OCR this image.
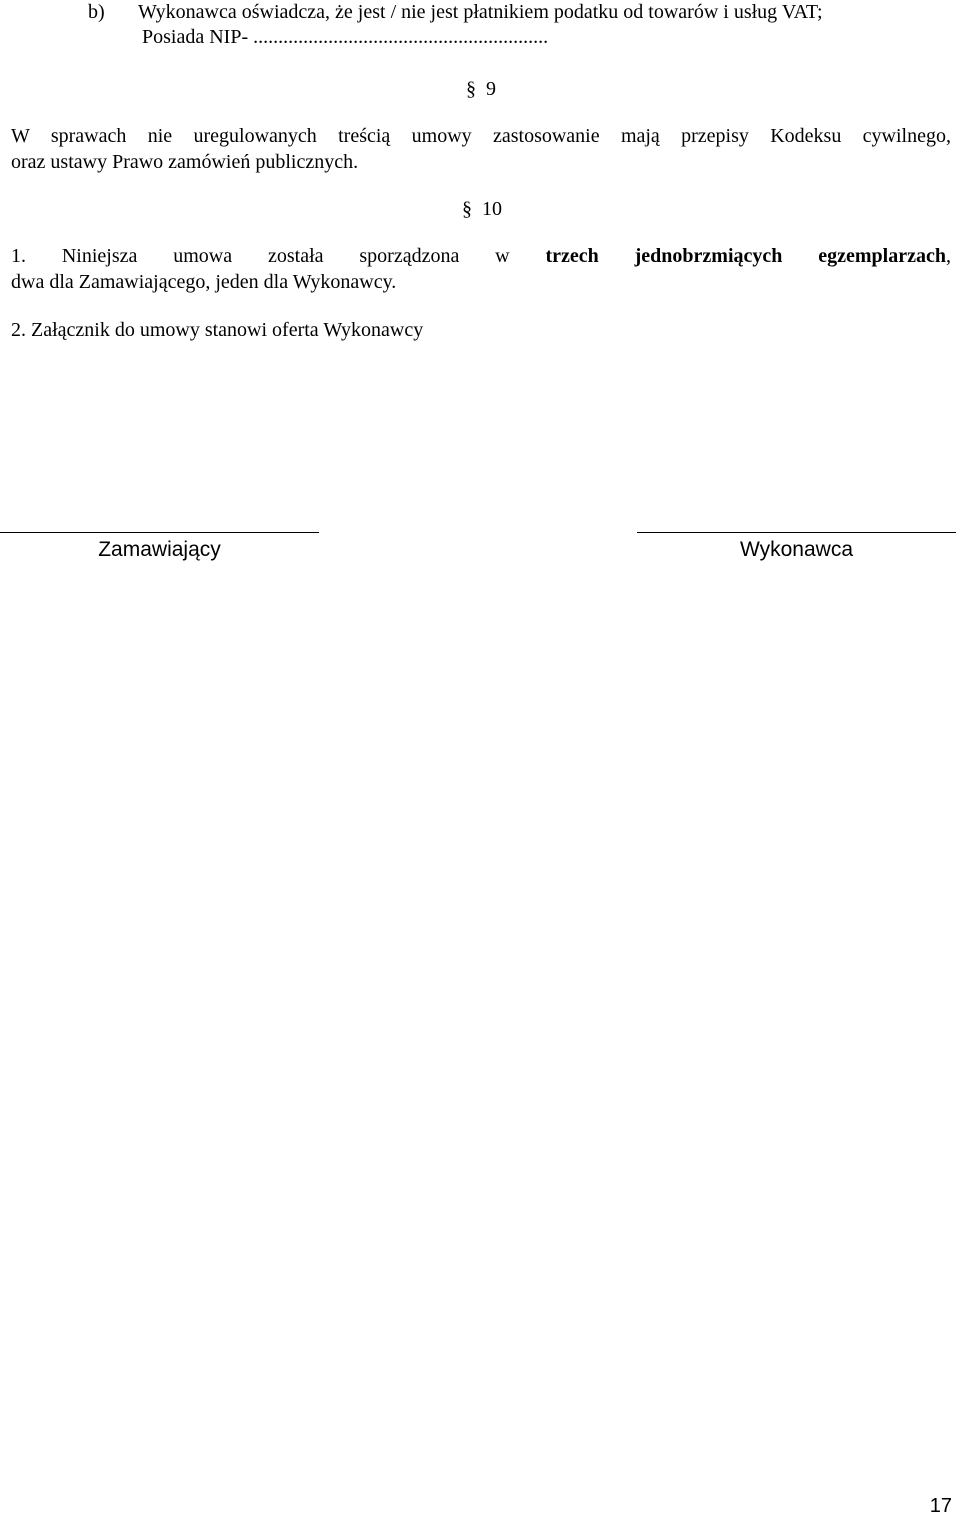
b) Wykonawca oświadcza, że jest / nie jest płatnikiem podatku od towarów i usług VAT;
Posiada NIP- ...........................................................
§ 9
W sprawach nie uregulowanych treścią umowy zastosowanie mają przepisy Kodeksu cywilnego,
oraz ustawy Prawo zamówień publicznych.
§ 10
1. Niniejsza umowa została sporządzona w trzech jednobrzmiących egzemplarzach,
dwa dla Zamawiającego, jeden dla Wykonawcy.
2. Załącznik do umowy stanowi oferta Wykonawcy
Zamawiający	Wykonawca
17
